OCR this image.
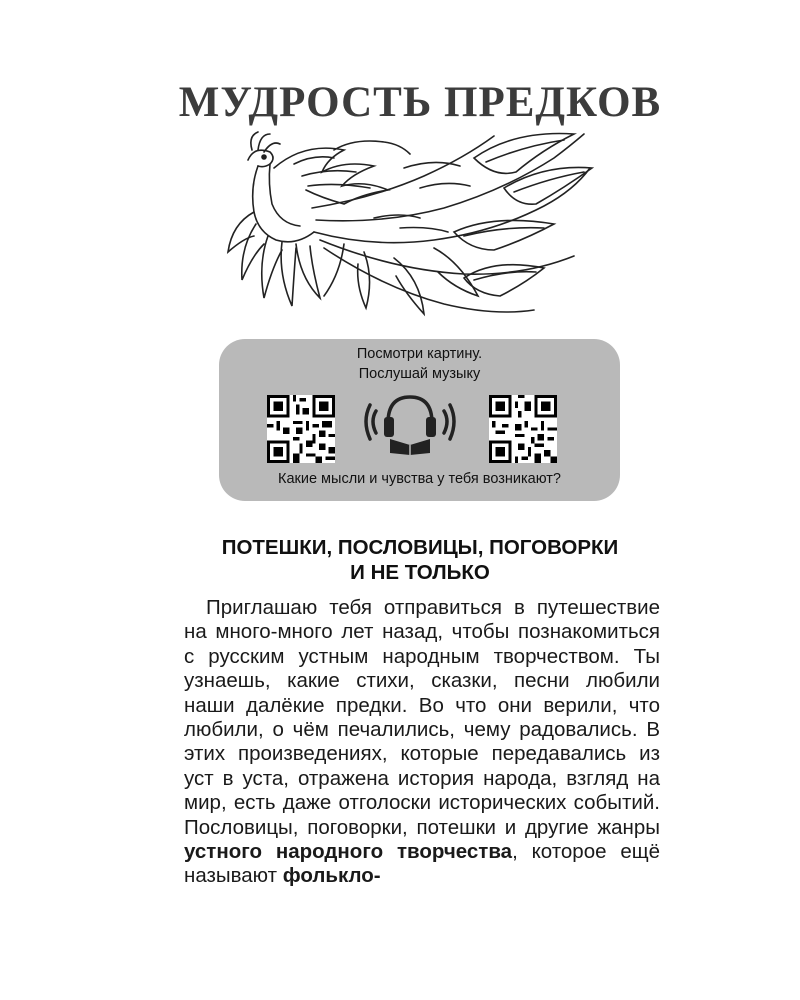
МУДРОСТЬ ПРЕДКОВ
Посмотри картину.
Послушай музыку
Какие мысли и чувства у тебя возникают?
ПОТЕШКИ, ПОСЛОВИЦЫ, ПОГОВОРКИ
И НЕ ТОЛЬКО
Приглашаю тебя отправиться в путешествие на много-много лет назад, чтобы познакомиться с русским устным народным творчеством. Ты узнаешь, какие стихи, сказки, песни любили наши далёкие предки. Во что они верили, что любили, о чём печалились, чему радовались. В этих произведениях, которые передавались из уст в уста, отражена история народа, взгляд на мир, есть даже отголоски исторических событий. Пословицы, поговорки, потешки и другие жанры устного народного творчества, которое ещё называют фолькло-
